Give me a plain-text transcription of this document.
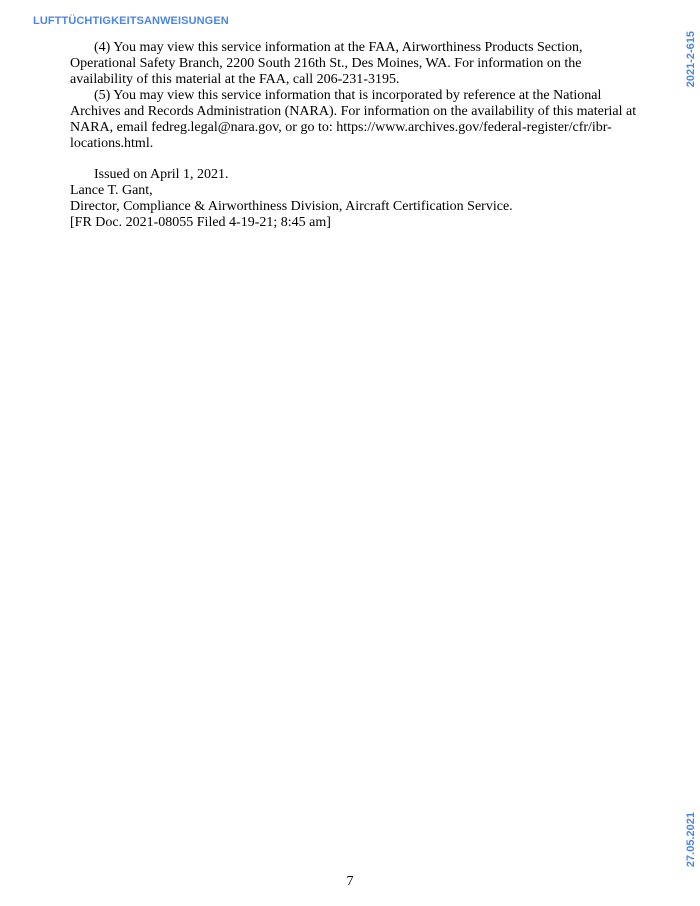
LUFTTÜCHTIGKEITSANWEISUNGEN
2021-2-615
27.05.2021

(4) You may view this service information at the FAA, Airworthiness Products Section, Operational Safety Branch, 2200 South 216th St., Des Moines, WA. For information on the availability of this material at the FAA, call 206-231-3195.

(5) You may view this service information that is incorporated by reference at the National Archives and Records Administration (NARA). For information on the availability of this material at NARA, email fedreg.legal@nara.gov, or go to: https://www.archives.gov/federal-register/cfr/ibr-locations.html.

Issued on April 1, 2021.
Lance T. Gant,
Director, Compliance & Airworthiness Division, Aircraft Certification Service.
[FR Doc. 2021-08055 Filed 4-19-21; 8:45 am]
7
